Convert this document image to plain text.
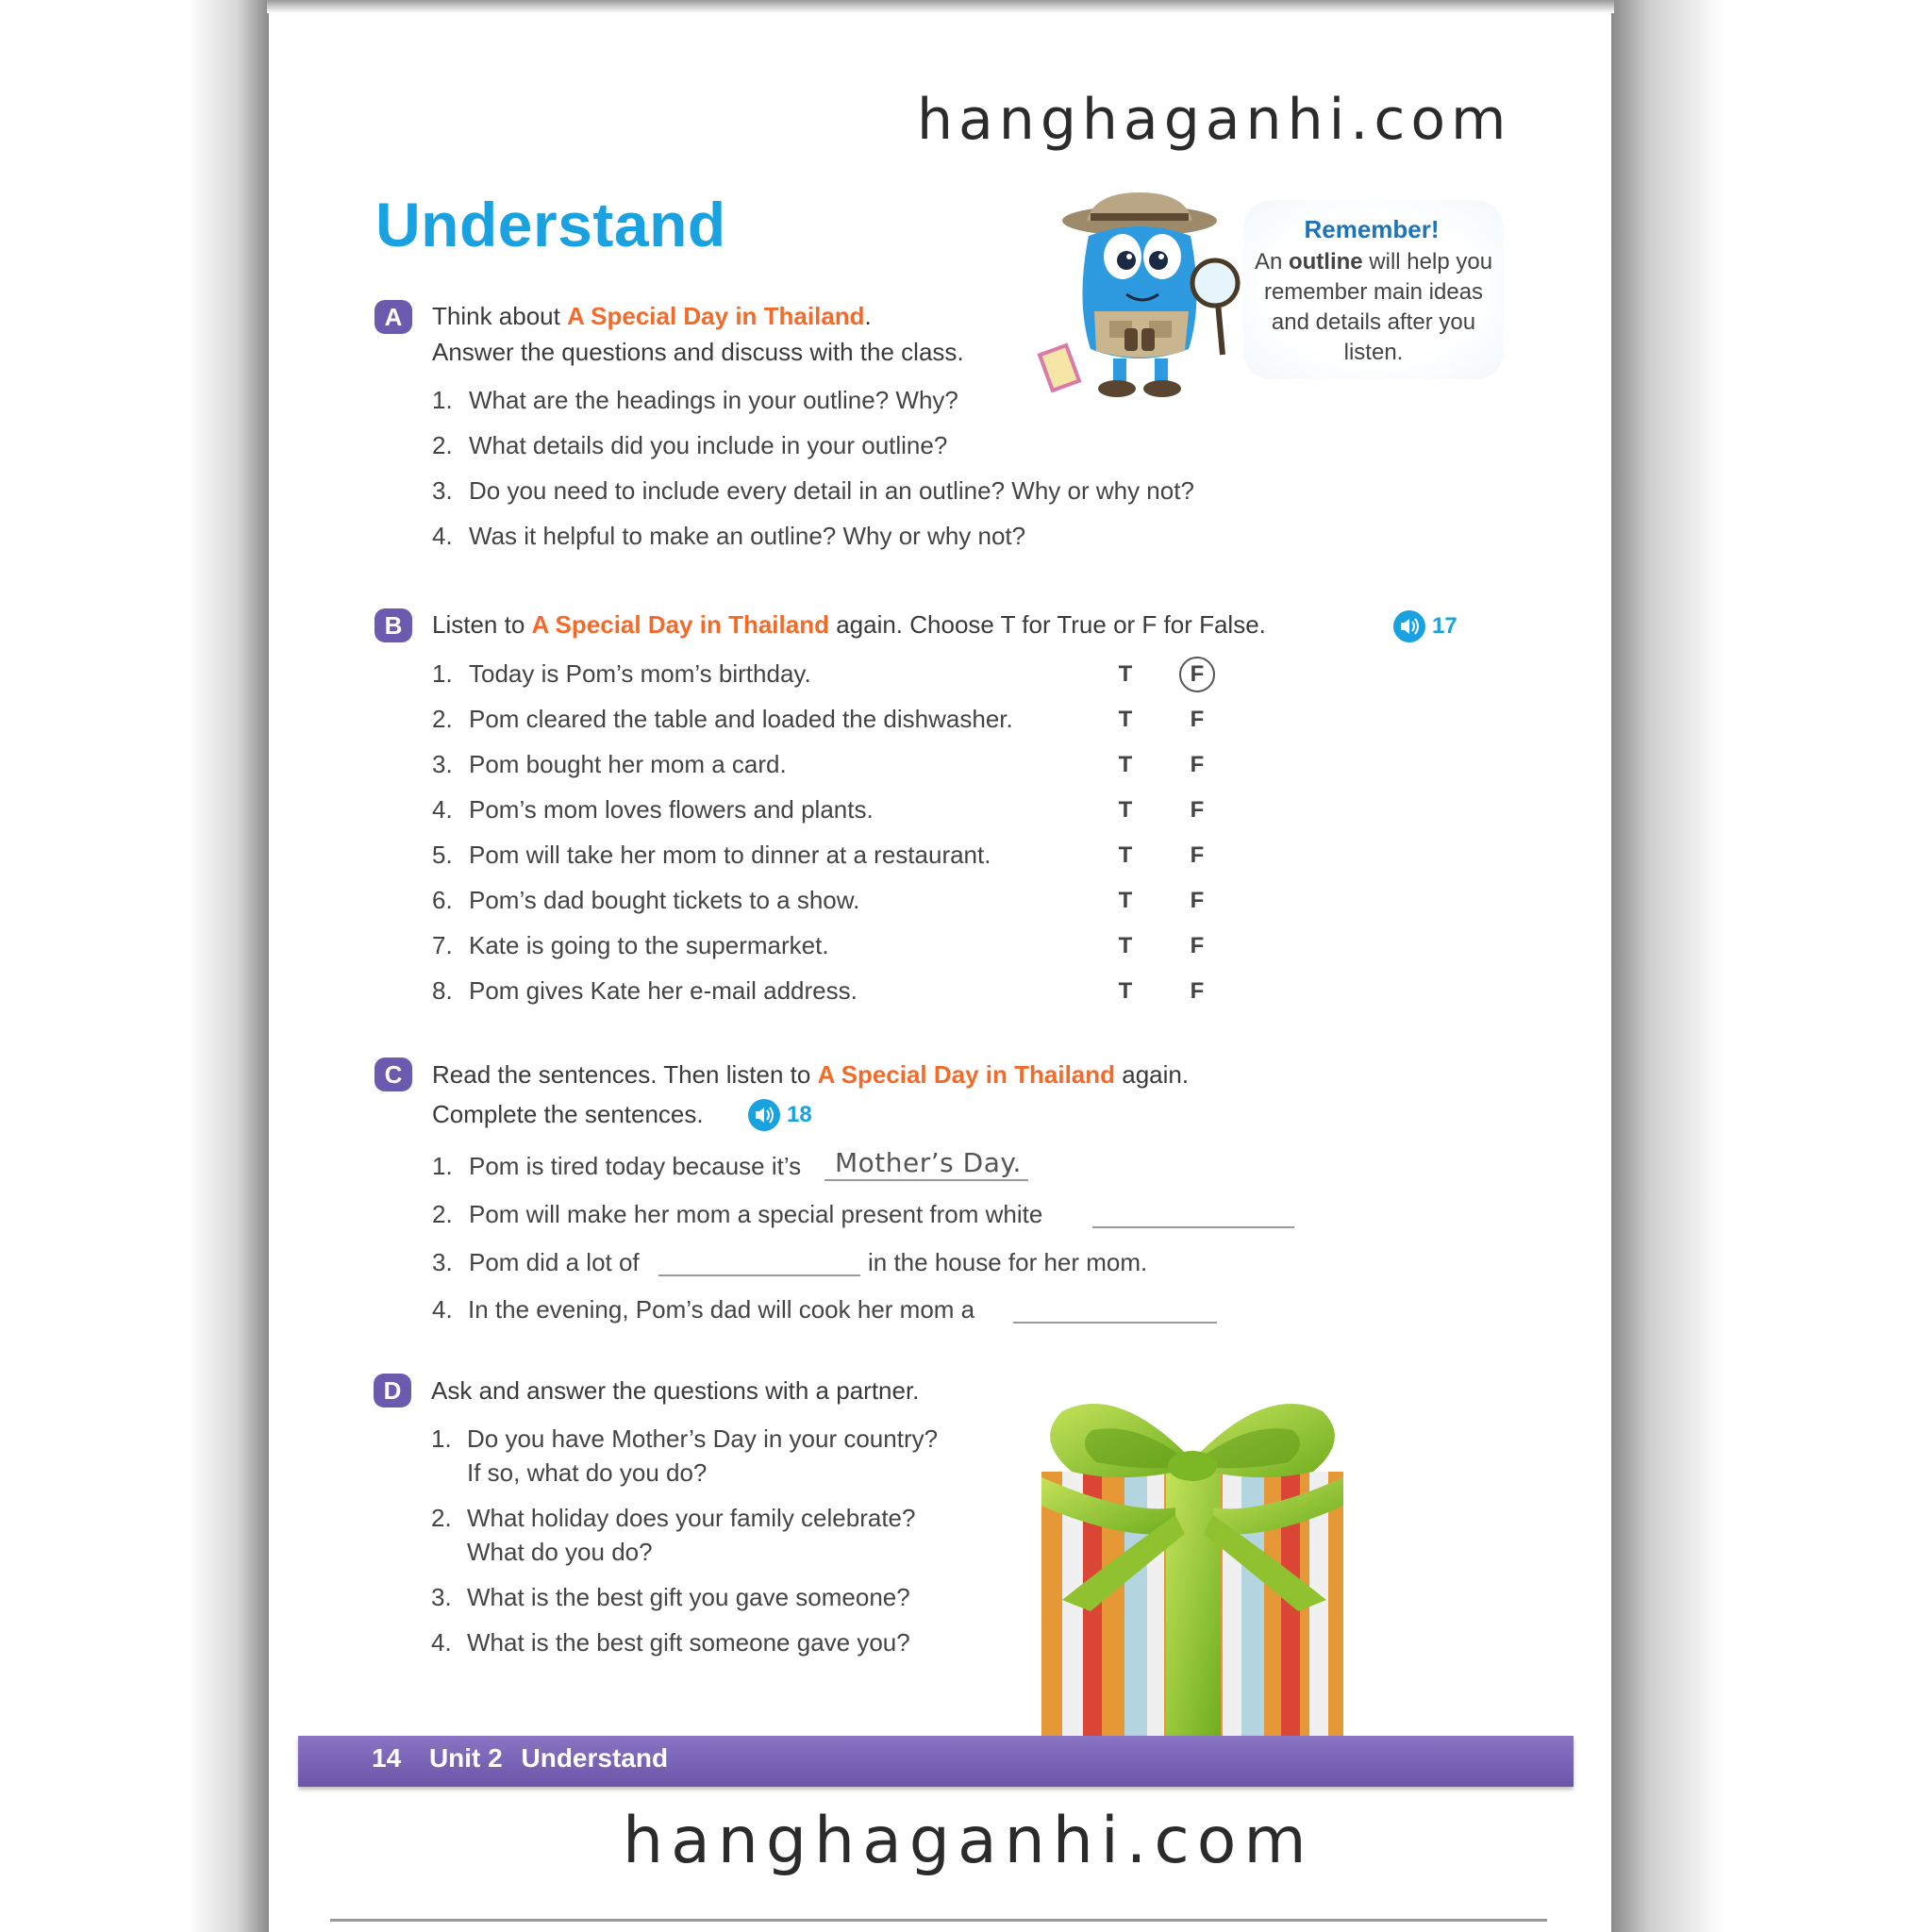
hanghaganhi.com
Understand	Remember!
An outline will help you remember main ideas and details after you listen.
A	Think about A Special Day in Thailand.
Answer the questions and discuss with the class.
1. What are the headings in your outline? Why?
2. What details did you include in your outline?
3. Do you need to include every detail in an outline? Why or why not?
4. Was it helpful to make an outline? Why or why not?
B	Listen to A Special Day in Thailand again. Choose T for True or F for False.	17
1. Today is Pom’s mom’s birthday.	T	F
2. Pom cleared the table and loaded the dishwasher.	T	F
3. Pom bought her mom a card.	T	F
4. Pom’s mom loves flowers and plants.	T	F
5. Pom will take her mom to dinner at a restaurant.	T	F
6. Pom’s dad bought tickets to a show.	T	F
7. Kate is going to the supermarket.	T	F
8. Pom gives Kate her e-mail address.	T	F
C	Read the sentences. Then listen to A Special Day in Thailand again.
Complete the sentences.	18
1. Pom is tired today because it’s Mother’s Day.
2. Pom will make her mom a special present from white
3. Pom did a lot of	in the house for her mom.
4. In the evening, Pom’s dad will cook her mom a
D	Ask and answer the questions with a partner.
1. Do you have Mother’s Day in your country?
If so, what do you do?
2. What holiday does your family celebrate?
What do you do?
3. What is the best gift you gave someone?
4. What is the best gift someone gave you?
14 Unit 2 Understand
hanghaganhi.com
